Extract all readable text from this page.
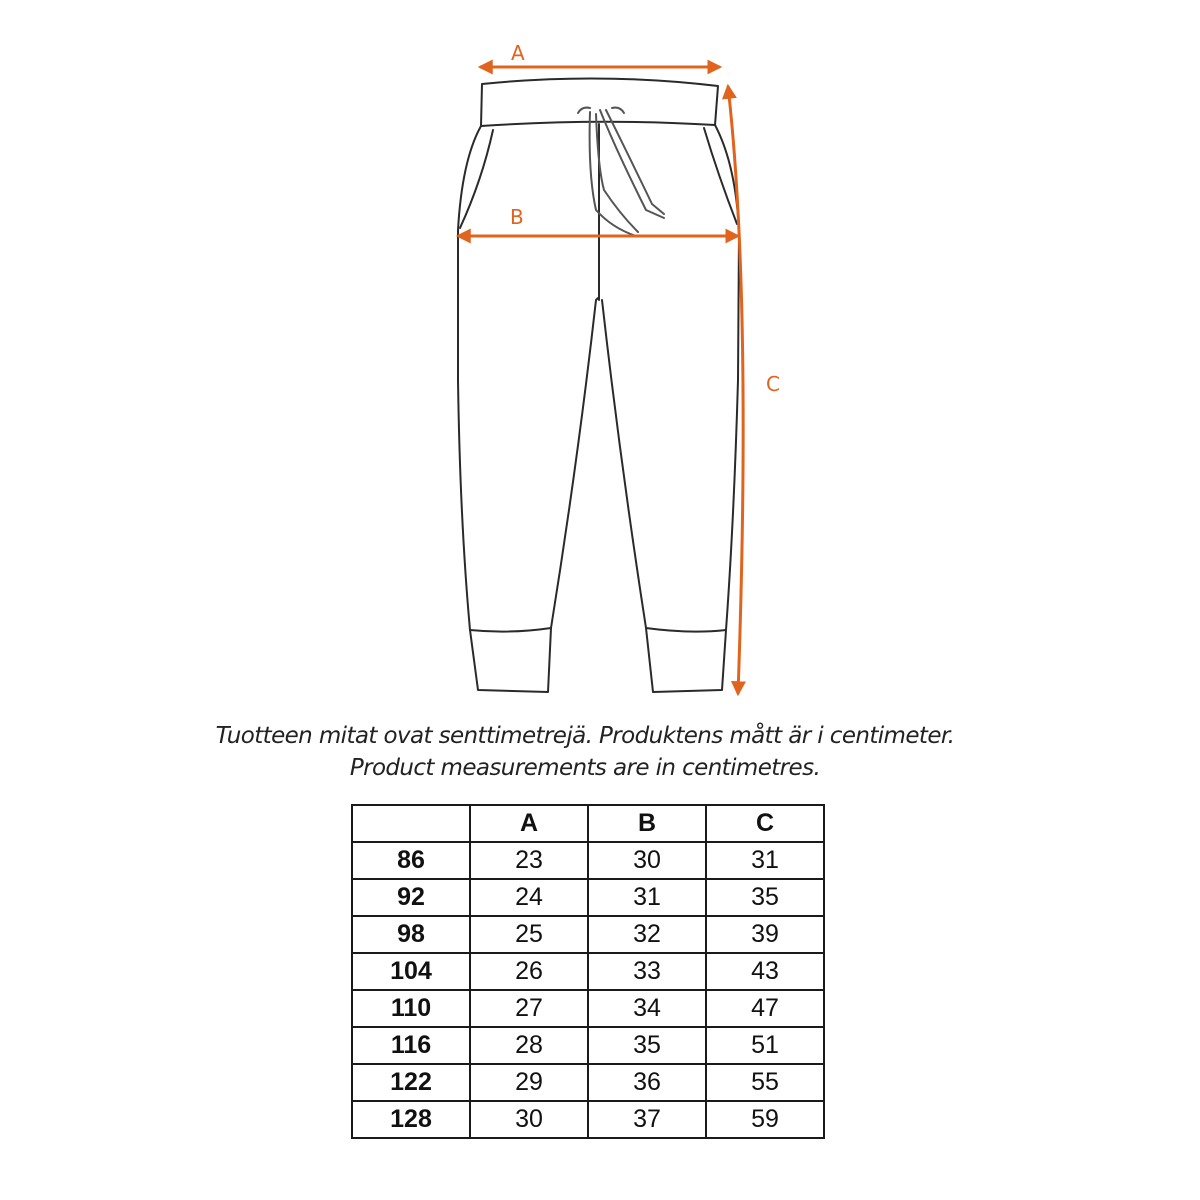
A
B
C
Tuotteen mitat ovat senttimetrejä. Produktens mått är i centimeter.
Product measurements are in centimetres.
	A	B	C
86	23	30	31
92	24	31	35
98	25	32	39
104	26	33	43
110	27	34	47
116	28	35	51
122	29	36	55
128	30	37	59
